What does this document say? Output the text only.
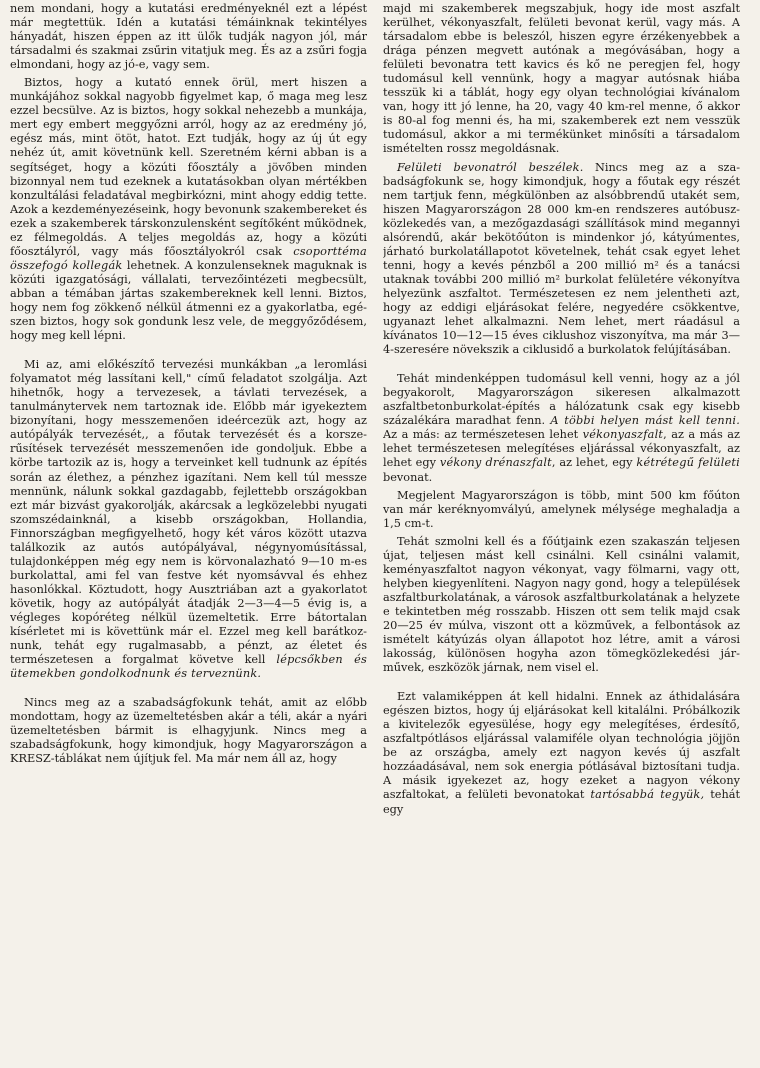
nem mondani, hogy a kutatási eredményeknél ezt a lépést már megtettük. Idén a kutatási témáinknak tekintélyes hányadát, hiszen éppen az itt ülők tudják nagyon jól, már társadalmi és szakmai zsűrin vitatjuk meg. És az a zsűri fogja elmondani, hogy az jó-e, vagy sem.

Biztos, hogy a kutató ennek örül, mert hiszen a munkájához sokkal nagyobb figyelmet kap, ő maga meg lesz ezzel becsülve. Az is biztos, hogy sokkal nehezebb a munkája, mert egy embert meggyőzni arról, hogy az az eredmény jó, egész más, mint ötöt, hatot. Ezt tudják, hogy az új út egy nehéz út, amit követnünk kell. Szeretném kérni abban is a segítséget, hogy a közúti főosztály a jövőben minden bizonnyal nem tud ezeknek a kutatásokban olyan mértékben konzultálási feladatával megbirkózni, mint ahogy eddig tette. Azok a kezdeményezéseink, hogy bevonunk szakembereket és ezek a szakemberek társkonzulensként segítőként működnek, ez félmegoldás. A teljes megoldás az, hogy a közúti főosztályról, vagy más főosztályokról csak csoporttéma összefogó kollegák lehetnek. A konzulenseknek maguknak is közúti igazgatósági, vállalati, tervezőintézeti megbecsült, abban a témában jártas szakembereknek kell lenni. Biztos, hogy nem fog zökkenő nélkül átmenni ez a gyakorlatba, egészen biztos, hogy sok gondunk lesz vele, de meggyőződésem, hogy meg kell lépni.

Mi az, ami előkészítő tervezési munkákban „a leromlási folyamatot még lassítani kell," című feladatot szolgálja. Azt hihetnők, hogy a tervezesek, a távlati tervezések, a tanulmánytervek nem tartoznak ide. Előbb már igyekeztem bizonyítani, hogy messzemenően ideércezük azt, hogy az autópályák tervezését,, a főutak tervezését és a korszerűsítések tervezését messzemenően ide gondoljuk. Ebbe a körbe tartozik az is, hogy a terveinket kell tudnunk az építés során az élethez, a pénzhez igazítani. Nem kell túl messze mennünk, nálunk sokkal gazdagabb, fejlettebb országokban ezt már bizvást gyakorolják, akárcsak a legközelebbi nyugati szomszédainknál, a kisebb országokban, Hollandia, Finnországban megfigyelhető, hogy két város között utazva találkozik az autós autópályával, négynyomúsítással, tulajdonképpen még egy nem is körvonalazható 9—10 m-es burkolattal, ami fel van festve két nyomsávval és ehhez hasonlókkal. Köztudott, hogy Ausztriában azt a gyakorlatot követik, hogy az autópályát átadják 2—3—4—5 évig is, a végleges kopóréteg nélkül üzemeltetik. Erre bátortalan kísérletet mi is követtünk már el. Ezzel meg kell barátkoznunk, tehát egy rugalmasabb, a pénzt, az életet és természetesen a forgalmat követve kell lépcsőkben és ütemekben gondolkodnunk és terveznünk.

Nincs meg az a szabadságfokunk tehát, amit az előbb mondottam, hogy az üzemeltetésben akár a téli, akár a nyári üzemeltetésben bármit is elhagyjunk. Nincs meg a szabadságfokunk, hogy kimondjuk, hogy Magyarországon a KRESZ-táblákat nem újítjuk fel. Ma már nem áll az, hogy

majd mi szakemberek megszabjuk, hogy ide most aszfalt kerülhet, vékonyaszfalt, felületi bevonat kerül, vagy más. A társadalom ebbe is beleszól, hiszen egyre érzékenyebbek a drága pénzen megvett autónak a megóvásában, hogy a felületi bevonatra tett kavics és kő ne peregjen fel, hogy tudomásul kell vennünk, hogy a magyar autósnak hiába tesszük ki a táblát, hogy egy olyan technológiai kívánalom van, hogy itt jó lenne, ha 20, vagy 40 km-rel menne, ő akkor is 80-al fog menni és, ha mi, szakemberek ezt nem vesszük tudomásul, akkor a mi termékünket minősíti a társadalom ismételten rossz megoldásnak.

Felületi bevonatról beszélek. Nincs meg az a szabadságfokunk se, hogy kimondjuk, hogy a főutak egy részét nem tartjuk fenn, mégkülönben az alsóbbrendű utakét sem, hiszen Magyarországon 28 000 km-en rendszeres autóbusz-közlekedés van, a mezőgazdasági szállítások mind megannyi alsórendű, akár bekötőúton is mindenkor jó, kátyúmentes, járható burkolatállapotot követelnek, tehát csak egyet lehet tenni, hogy a kevés pénzből a 200 millió m² és a tanácsi utaknak további 200 millió m² burkolat felületére vékonyítva helyezünk aszfaltot. Természetesen ez nem jelentheti azt, hogy az eddigi eljárásokat felére, negyedére csökkentve, ugyanazt lehet alkalmazni. Nem lehet, mert ráadásul a kívánatos 10—12—15 éves ciklushoz viszonyítva, ma már 3—4-szeresére növekszik a ciklusidő a burkolatok felújításában.

Tehát mindenképpen tudomásul kell venni, hogy az a jól begyakorolt, Magyarországon sikeresen alkalmazott aszfaltbetonburkolat-építés a hálózatunk csak egy kisebb százalékára maradhat fenn. A többi helyen mást kell tenni. Az a más: az természetesen lehet vékonyaszfalt, az a más az lehet természetesen melegítéses eljárással vékonyaszfalt, az lehet egy vékony drénaszfalt, az lehet, egy kétrétegű felületi bevonat.

Megjelent Magyarországon is több, mint 500 km főúton van már keréknyomvályú, amelynek mélysége meghaladja a 1,5 cm-t.

Tehát szmolni kell és a főútjaink ezen szakaszán teljesen újat, teljesen mást kell csinálni. Kell csinálni valamit, keményaszfaltot nagyon vékonyat, vagy fölmarni, vagy ott, helyben kiegyenlíteni. Nagyon nagy gond, hogy a települések aszfaltburkolatának, a városok aszfaltburkolatának a helyzete e tekintetben még rosszabb. Hiszen ott sem telik majd csak 20—25 év múlva, viszont ott a közművek, a felbontások az ismételt kátyúzás olyan állapotot hoz létre, amit a városi lakosság, különösen hogyha azon tömegközlekedési járművek, eszközök járnak, nem visel el.

Ezt valamiképpen át kell hidalni. Ennek az áthidalására egészen biztos, hogy új eljárásokat kell kitalálni. Próbálkozik a kivitelezők egyesülése, hogy egy melegítéses, érdesítő, aszfaltpótlásos eljárással valamiféle olyan technológia jöjjön be az országba, amely ezt nagyon kevés új aszfalt hozzáadásával, nem sok energia pótlásával biztosítani tudja. A másik igyekezet az, hogy ezeket a nagyon vékony aszfaltokat, a felületi bevonatokat tartósabbá tegyük, tehát egy
